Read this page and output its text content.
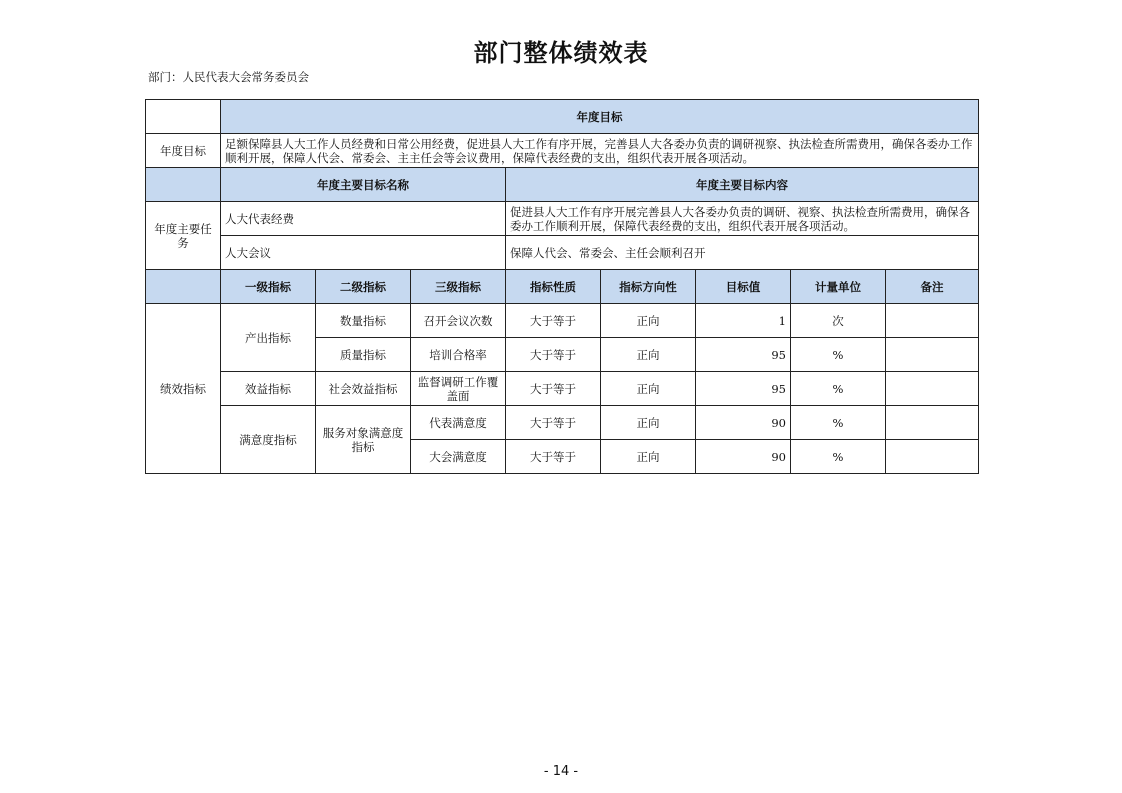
部门整体绩效表
部门：人民代表大会常务委员会
	年度目标							
年度目标	足额保障县人大工作人员经费和日常公用经费，促进县人大工作有序开展，完善县人大各委办负责的调研视察、执法检查所需费用，确保各委办工作顺利开展，保障人代会、常委会、主主任会等会议费用，保障代表经费的支出，组织代表开展各项活动。							
	年度主要目标名称			年度主要目标内容				
年度主要任务	人大代表经费			促进县人大工作有序开展完善县人大各委办负责的调研、视察、执法检查所需费用，确保各委办工作顺利开展，保障代表经费的支出，组织代表开展各项活动。				
	人大会议			保障人代会、常委会、主任会顺利召开				
	一级指标	二级指标	三级指标	指标性质	指标方向性	目标值	计量单位	备注
绩效指标	产出指标	数量指标	召开会议次数	大于等于	正向	1	次	
		质量指标	培训合格率	大于等于	正向	95	%	
	效益指标	社会效益指标	监督调研工作覆盖面	大于等于	正向	95	%	
	满意度指标	服务对象满意度指标	代表满意度	大于等于	正向	90	%	
			大会满意度	大于等于	正向	90	%	
- 14 -
